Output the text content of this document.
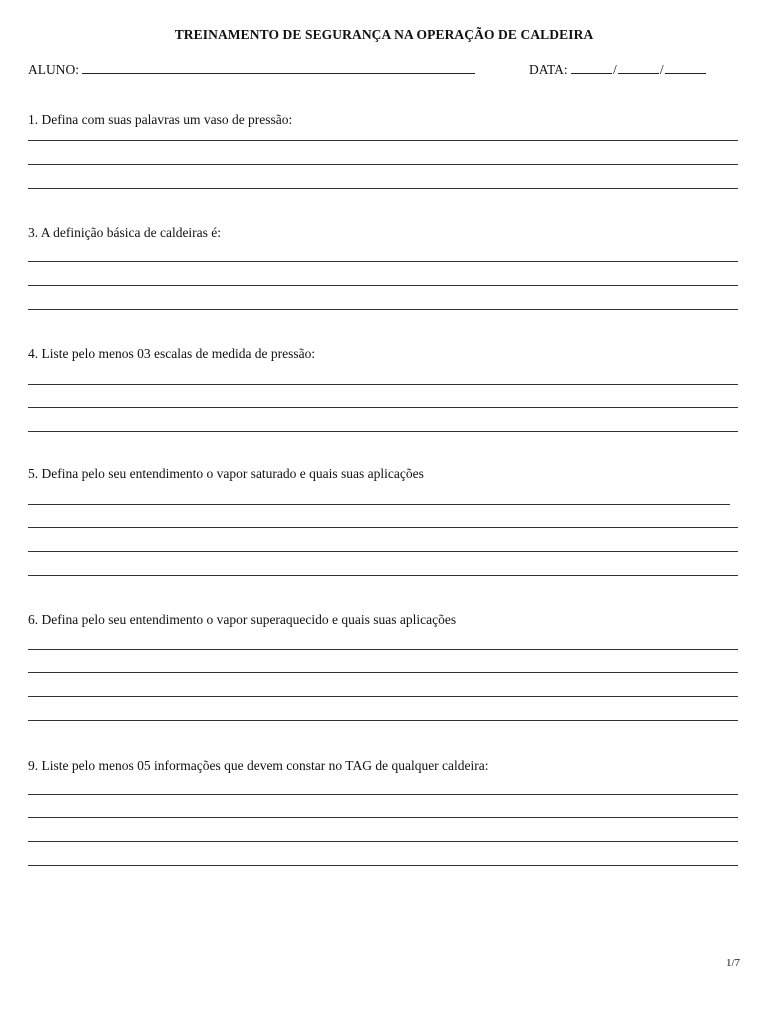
TREINAMENTO DE SEGURANÇA NA OPERAÇÃO DE CALDEIRA
ALUNO:	DATA:	/	/

1. Defina com suas palavras um vaso de pressão:

3. A definição básica de caldeiras é:

4. Liste pelo menos 03 escalas de medida de pressão:

5. Defina pelo seu entendimento o vapor saturado e quais suas aplicações

6. Defina pelo seu entendimento o vapor superaquecido e quais suas aplicações

9. Liste pelo menos 05 informações que devem constar no TAG de qualquer caldeira:

1/7
